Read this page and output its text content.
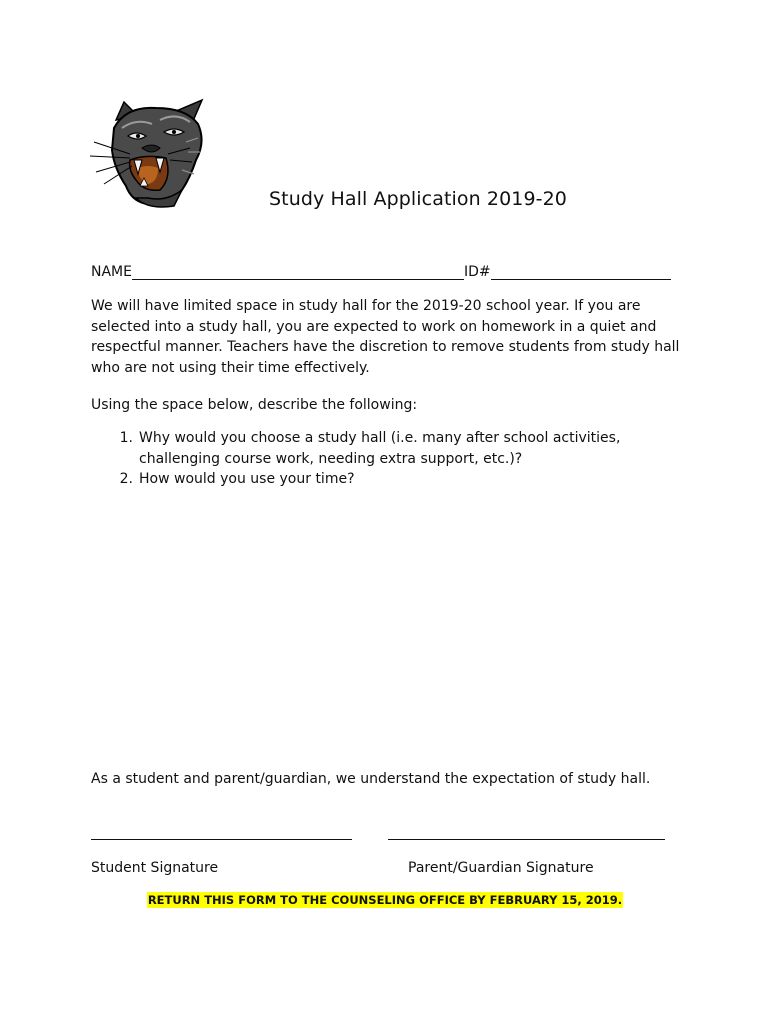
Study Hall Application 2019-20
NAME	ID#

We will have limited space in study hall for the 2019-20 school year. If you are selected into a study hall, you are expected to work on homework in a quiet and respectful manner. Teachers have the discretion to remove students from study hall who are not using their time effectively.

Using the space below, describe the following:

1. Why would you choose a study hall (i.e. many after school activities, challenging course work, needing extra support, etc.)?
2. How would you use your time?

As a student and parent/guardian, we understand the expectation of study hall.

Student Signature	Parent/Guardian Signature
RETURN THIS FORM TO THE COUNSELING OFFICE BY FEBRUARY 15, 2019.
